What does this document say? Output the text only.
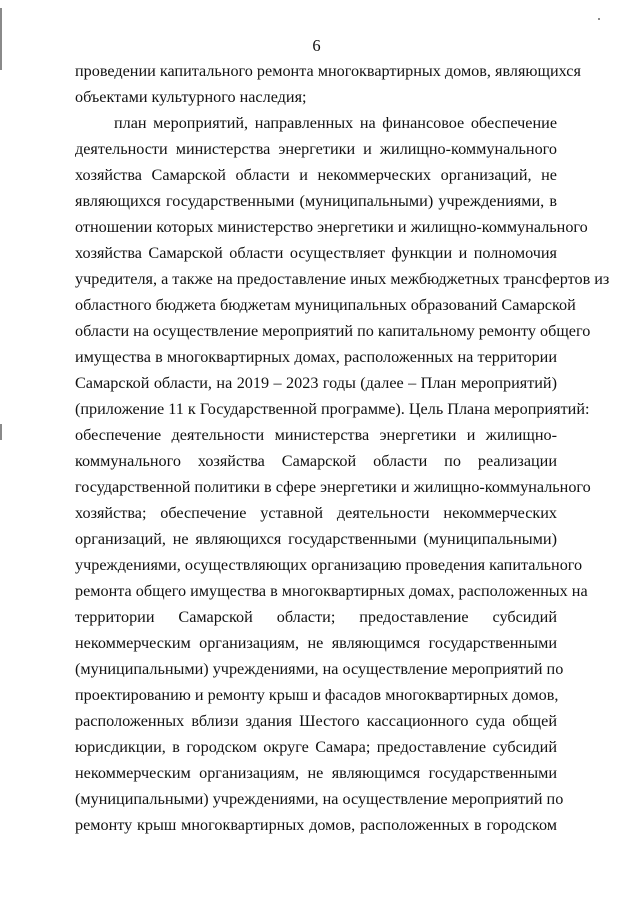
6
проведении капитального ремонта многоквартирных домов, являющихся
объектами культурного наследия;
план мероприятий, направленных на финансовое обеспечение
деятельности министерства энергетики и жилищно-коммунального
хозяйства Самарской области и некоммерческих организаций, не
являющихся государственными (муниципальными) учреждениями, в
отношении которых министерство энергетики и жилищно-коммунального
хозяйства Самарской области осуществляет функции и полномочия
учредителя, а также на предоставление иных межбюджетных трансфертов из
областного бюджета бюджетам муниципальных образований Самарской
области на осуществление мероприятий по капитальному ремонту общего
имущества в многоквартирных домах, расположенных на территории
Самарской области, на 2019 – 2023 годы (далее – План мероприятий)
(приложение 11 к Государственной программе). Цель Плана мероприятий:
обеспечение деятельности министерства энергетики и жилищно-
коммунального хозяйства Самарской области по реализации
государственной политики в сфере энергетики и жилищно-коммунального
хозяйства; обеспечение уставной деятельности некоммерческих
организаций, не являющихся государственными (муниципальными)
учреждениями, осуществляющих организацию проведения капитального
ремонта общего имущества в многоквартирных домах, расположенных на
территории Самарской области; предоставление субсидий
некоммерческим организациям, не являющимся государственными
(муниципальными) учреждениями, на осуществление мероприятий по
проектированию и ремонту крыш и фасадов многоквартирных домов,
расположенных вблизи здания Шестого кассационного суда общей
юрисдикции, в городском округе Самара; предоставление субсидий
некоммерческим организациям, не являющимся государственными
(муниципальными) учреждениями, на осуществление мероприятий по
ремонту крыш многоквартирных домов, расположенных в городском
